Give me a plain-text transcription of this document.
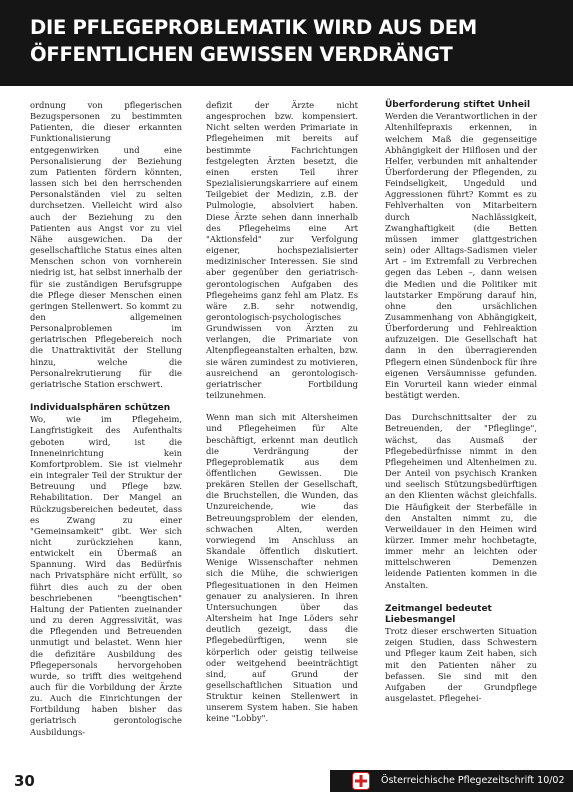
DIE PFLEGEPROBLEMATIK WIRD AUS DEM
ÖFFENTLICHEN GEWISSEN VERDRÄNGT

ordnung von pflegerischen Bezugspersonen zu bestimmten Patienten, die dieser erkannten Funktionalisierung entgegenwirken und eine Personalisierung der Beziehung zum Patienten fördern könnten, lassen sich bei den herrschenden Personalständen viel zu selten durchsetzen. Vielleicht wird also auch der Beziehung zu den Patienten aus Angst vor zu viel Nähe ausgewichen. Da der gesellschaftliche Status eines alten Menschen schon von vornherein niedrig ist, hat selbst innerhalb der für sie zuständigen Berufsgruppe die Pflege dieser Menschen einen geringen Stellenwert. So kommt zu den allgemeinen Personalproblemen im geriatrischen Pflegebereich noch die Unattraktivität der Stellung hinzu, welche die Personalrekrutierung für die geriatrische Station erschwert.

Individualsphären schützen

Wo, wie im Pflegeheim, Langfristigkeit des Aufenthalts geboten wird, ist die Inneneinrichtung kein Komfortproblem. Sie ist vielmehr ein integraler Teil der Struktur der Betreuung und Pflege bzw. Rehabilitation. Der Mangel an Rückzugsbereichen bedeutet, dass es Zwang zu einer "Gemeinsamkeit" gibt. Wer sich nicht zurückziehen kann, entwickelt ein Übermaß an Spannung. Wird das Bedürfnis nach Privatsphäre nicht erfüllt, so führt dies auch zu der oben beschriebenen "beengtischen" Haltung der Patienten zueinander und zu deren Aggressivität, was die Pflegenden und Betreuenden unmutigt und belastet. Wenn hier die defizitäre Ausbildung des Pflegepersonals hervorgehoben wurde, so trifft dies weitgehend auch für die Vorbildung der Ärzte zu. Auch die Einrichtungen der Fortbildung haben bisher das geriatrisch gerontologische Ausbildungs-

defizit der Ärzte nicht angesprochen bzw. kompensiert. Nicht selten werden Primariate in Pflegeheimen mit bereits auf bestimmte Fachrichtungen festgelegten Ärzten besetzt, die einen ersten Teil ihrer Spezialisierungskarriere auf einem Teilgebiet der Medizin, z.B. der Pulmologie, absolviert haben. Diese Ärzte sehen dann innerhalb des Pflegeheims eine Art "Aktionsfeld" zur Verfolgung eigener, hochspezialisierter medizinischer Interessen. Sie sind aber gegenüber den geriatrisch-gerontologischen Aufgaben des Pflegeheims ganz fehl am Platz. Es wäre z.B. sehr notwendig, gerontologisch-psychologisches Grundwissen von Ärzten zu verlangen, die Primariate von Altenpflegeanstalten erhalten, bzw. sie wären zumindest zu motivieren, ausreichend an gerontologisch-geriatrischer Fortbildung teilzunehmen.

Wenn man sich mit Altersheimen und Pflegeheimen für Alte beschäftigt, erkennt man deutlich die Verdrängung der Pflegeproblematik aus dem öffentlichen Gewissen. Die prekären Stellen der Gesellschaft, die Bruchstellen, die Wunden, das Unzureichende, wie das Betreuungsproblem der elenden, schwachen Alten, werden vorwiegend im Anschluss an Skandale öffentlich diskutiert. Wenige Wissenschafter nehmen sich die Mühe, die schwierigen Pflegesituationen in den Heimen genauer zu analysieren. In ihren Untersuchungen über das Altersheim hat Inge Löders sehr deutlich gezeigt, dass die Pflegebedürftigen, wenn sie körperlich oder geistig teilweise oder weitgehend beeinträchtigt sind, auf Grund der gesellschaftlichen Situation und Struktur keinen Stellenwert in unserem System haben. Sie haben keine "Lobby".

Überforderung stiftet Unheil

Werden die Verantwortlichen in der Altenhilfepraxis erkennen, in welchem Maß die gegenseitige Abhängigkeit der Hilflosen und der Helfer, verbunden mit anhaltender Überforderung der Pflegenden, zu Feindseligkeit, Ungeduld und Aggressionen führt? Kommt es zu Fehlverhalten von Mitarbeitern durch Nachlässigkeit, Zwanghaftigkeit (die Betten müssen immer glattgestrichen sein) oder Alltags-Sadismen vieler Art – im Extremfall zu Verbrechen gegen das Leben –, dann weisen die Medien und die Politiker mit lautstarker Empörung darauf hin, ohne den ursächlichen Zusammenhang von Abhängigkeit, Überforderung und Fehlreaktion aufzuzeigen. Die Gesellschaft hat dann in den überragierenden Pflegern einen Sündenbock für ihre eigenen Versäumnisse gefunden. Ein Vorurteil kann wieder einmal bestätigt werden.

Das Durchschnittsalter der zu Betreuenden, der "Pfleglinge", wächst, das Ausmaß der Pflegebedürfnisse nimmt in den Pflegeheimen und Altenheimen zu. Der Anteil von psychisch Kranken und seelisch Stützungsbedürftigen an den Klienten wächst gleichfalls. Die Häufigkeit der Sterbefälle in den Anstalten nimmt zu, die Verweildauer in den Heimen wird kürzer. Immer mehr hochbetagte, immer mehr an leichten oder mittelschweren Demenzen leidende Patienten kommen in die Anstalten.

Zeitmangel bedeutet
Liebesmangel

Trotz dieser erschwerten Situation zeigen Studien, dass Schwestern und Pfleger kaum Zeit haben, sich mit den Patienten näher zu befassen. Sie sind mit den Aufgaben der Grundpflege ausgelastet. Pflegehei-

30	Österreichische Pflegezeitschrift 10/02
